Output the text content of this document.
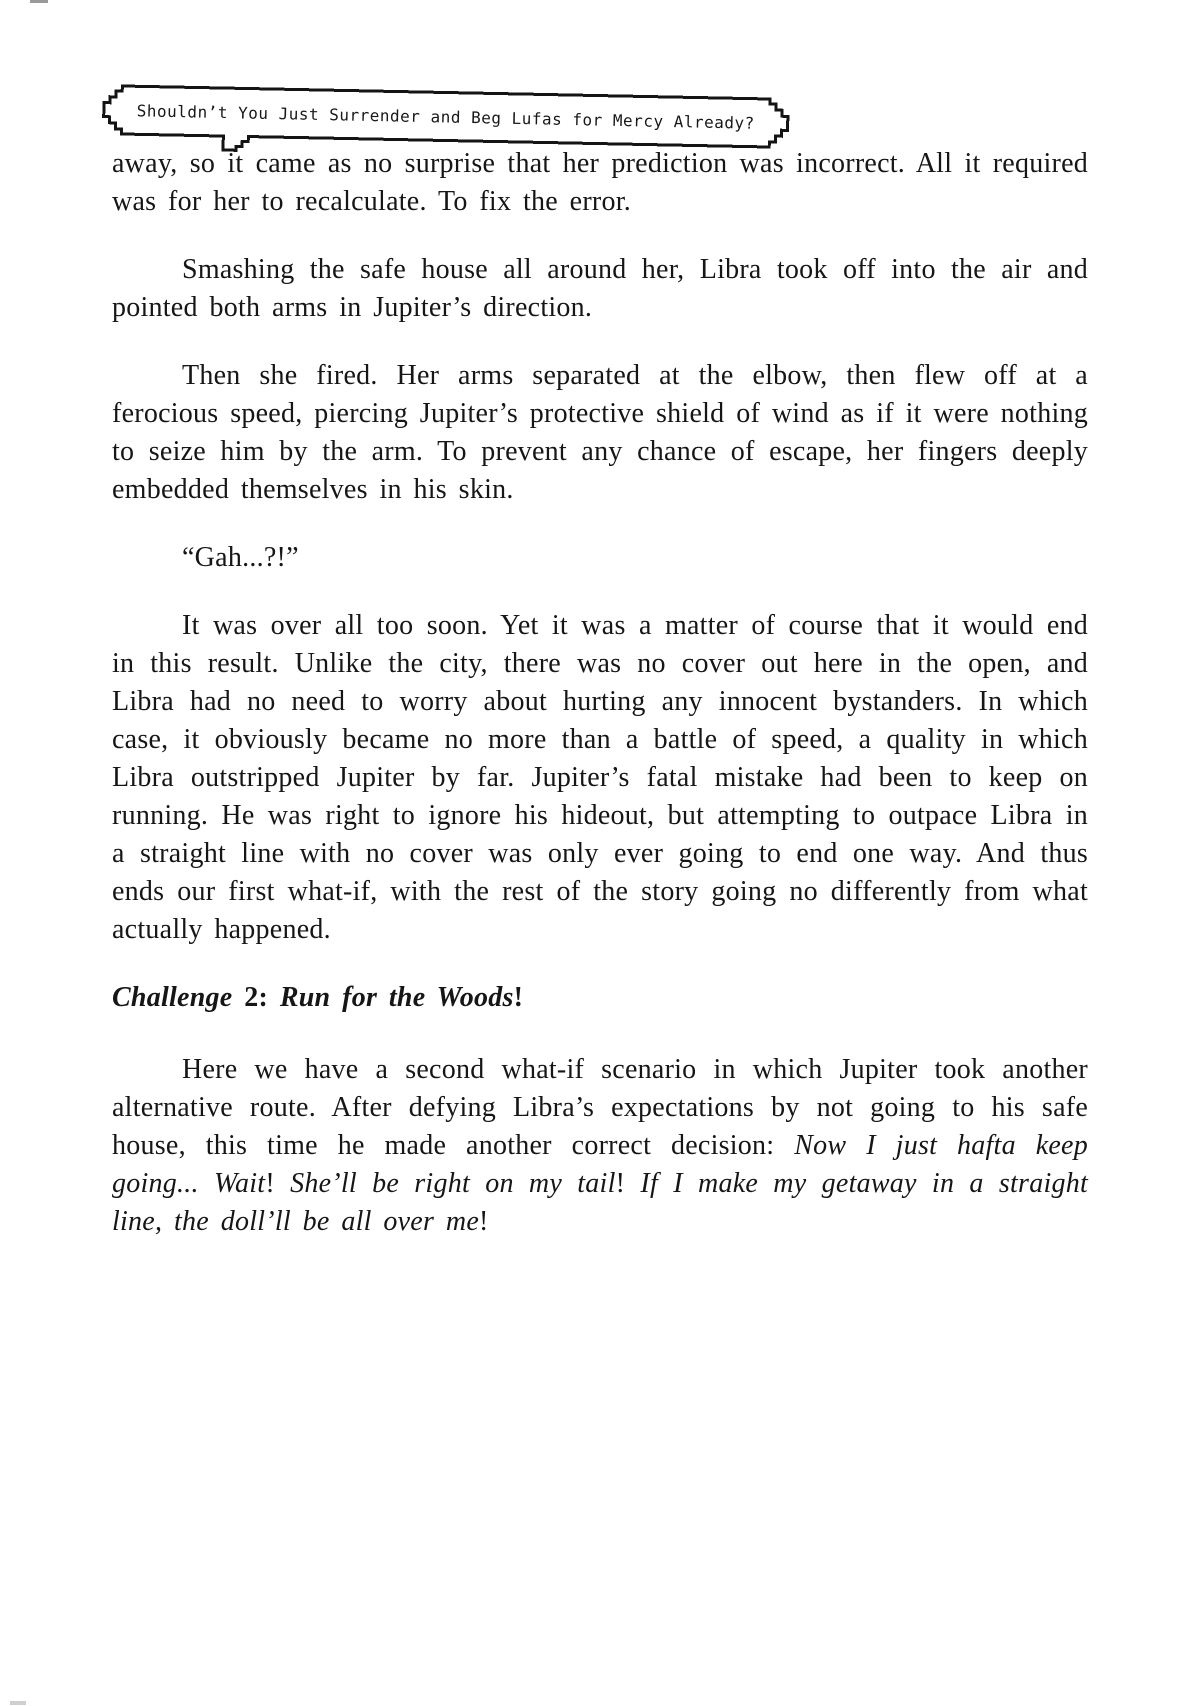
Shouldn’t You Just Surrender and Beg Lufas for Mercy Already?

away, so it came as no surprise that her prediction was incorrect. All it required was for her to recalculate. To fix the error.

Smashing the safe house all around her, Libra took off into the air and pointed both arms in Jupiter’s direction.

Then she fired. Her arms separated at the elbow, then flew off at a ferocious speed, piercing Jupiter’s protective shield of wind as if it were nothing to seize him by the arm. To prevent any chance of escape, her fingers deeply embedded themselves in his skin.

“Gah...?!”

It was over all too soon. Yet it was a matter of course that it would end in this result. Unlike the city, there was no cover out here in the open, and Libra had no need to worry about hurting any innocent bystanders. In which case, it obviously became no more than a battle of speed, a quality in which Libra outstripped Jupiter by far. Jupiter’s fatal mistake had been to keep on running. He was right to ignore his hideout, but attempting to outpace Libra in a straight line with no cover was only ever going to end one way. And thus ends our first what-if, with the rest of the story going no differently from what actually happened.

Challenge 2: Run for the Woods!

Here we have a second what-if scenario in which Jupiter took another alternative route. After defying Libra’s expectations by not going to his safe house, this time he made another correct decision: Now I just hafta keep going... Wait! She’ll be right on my tail! If I make my getaway in a straight line, the doll’ll be all over me!
